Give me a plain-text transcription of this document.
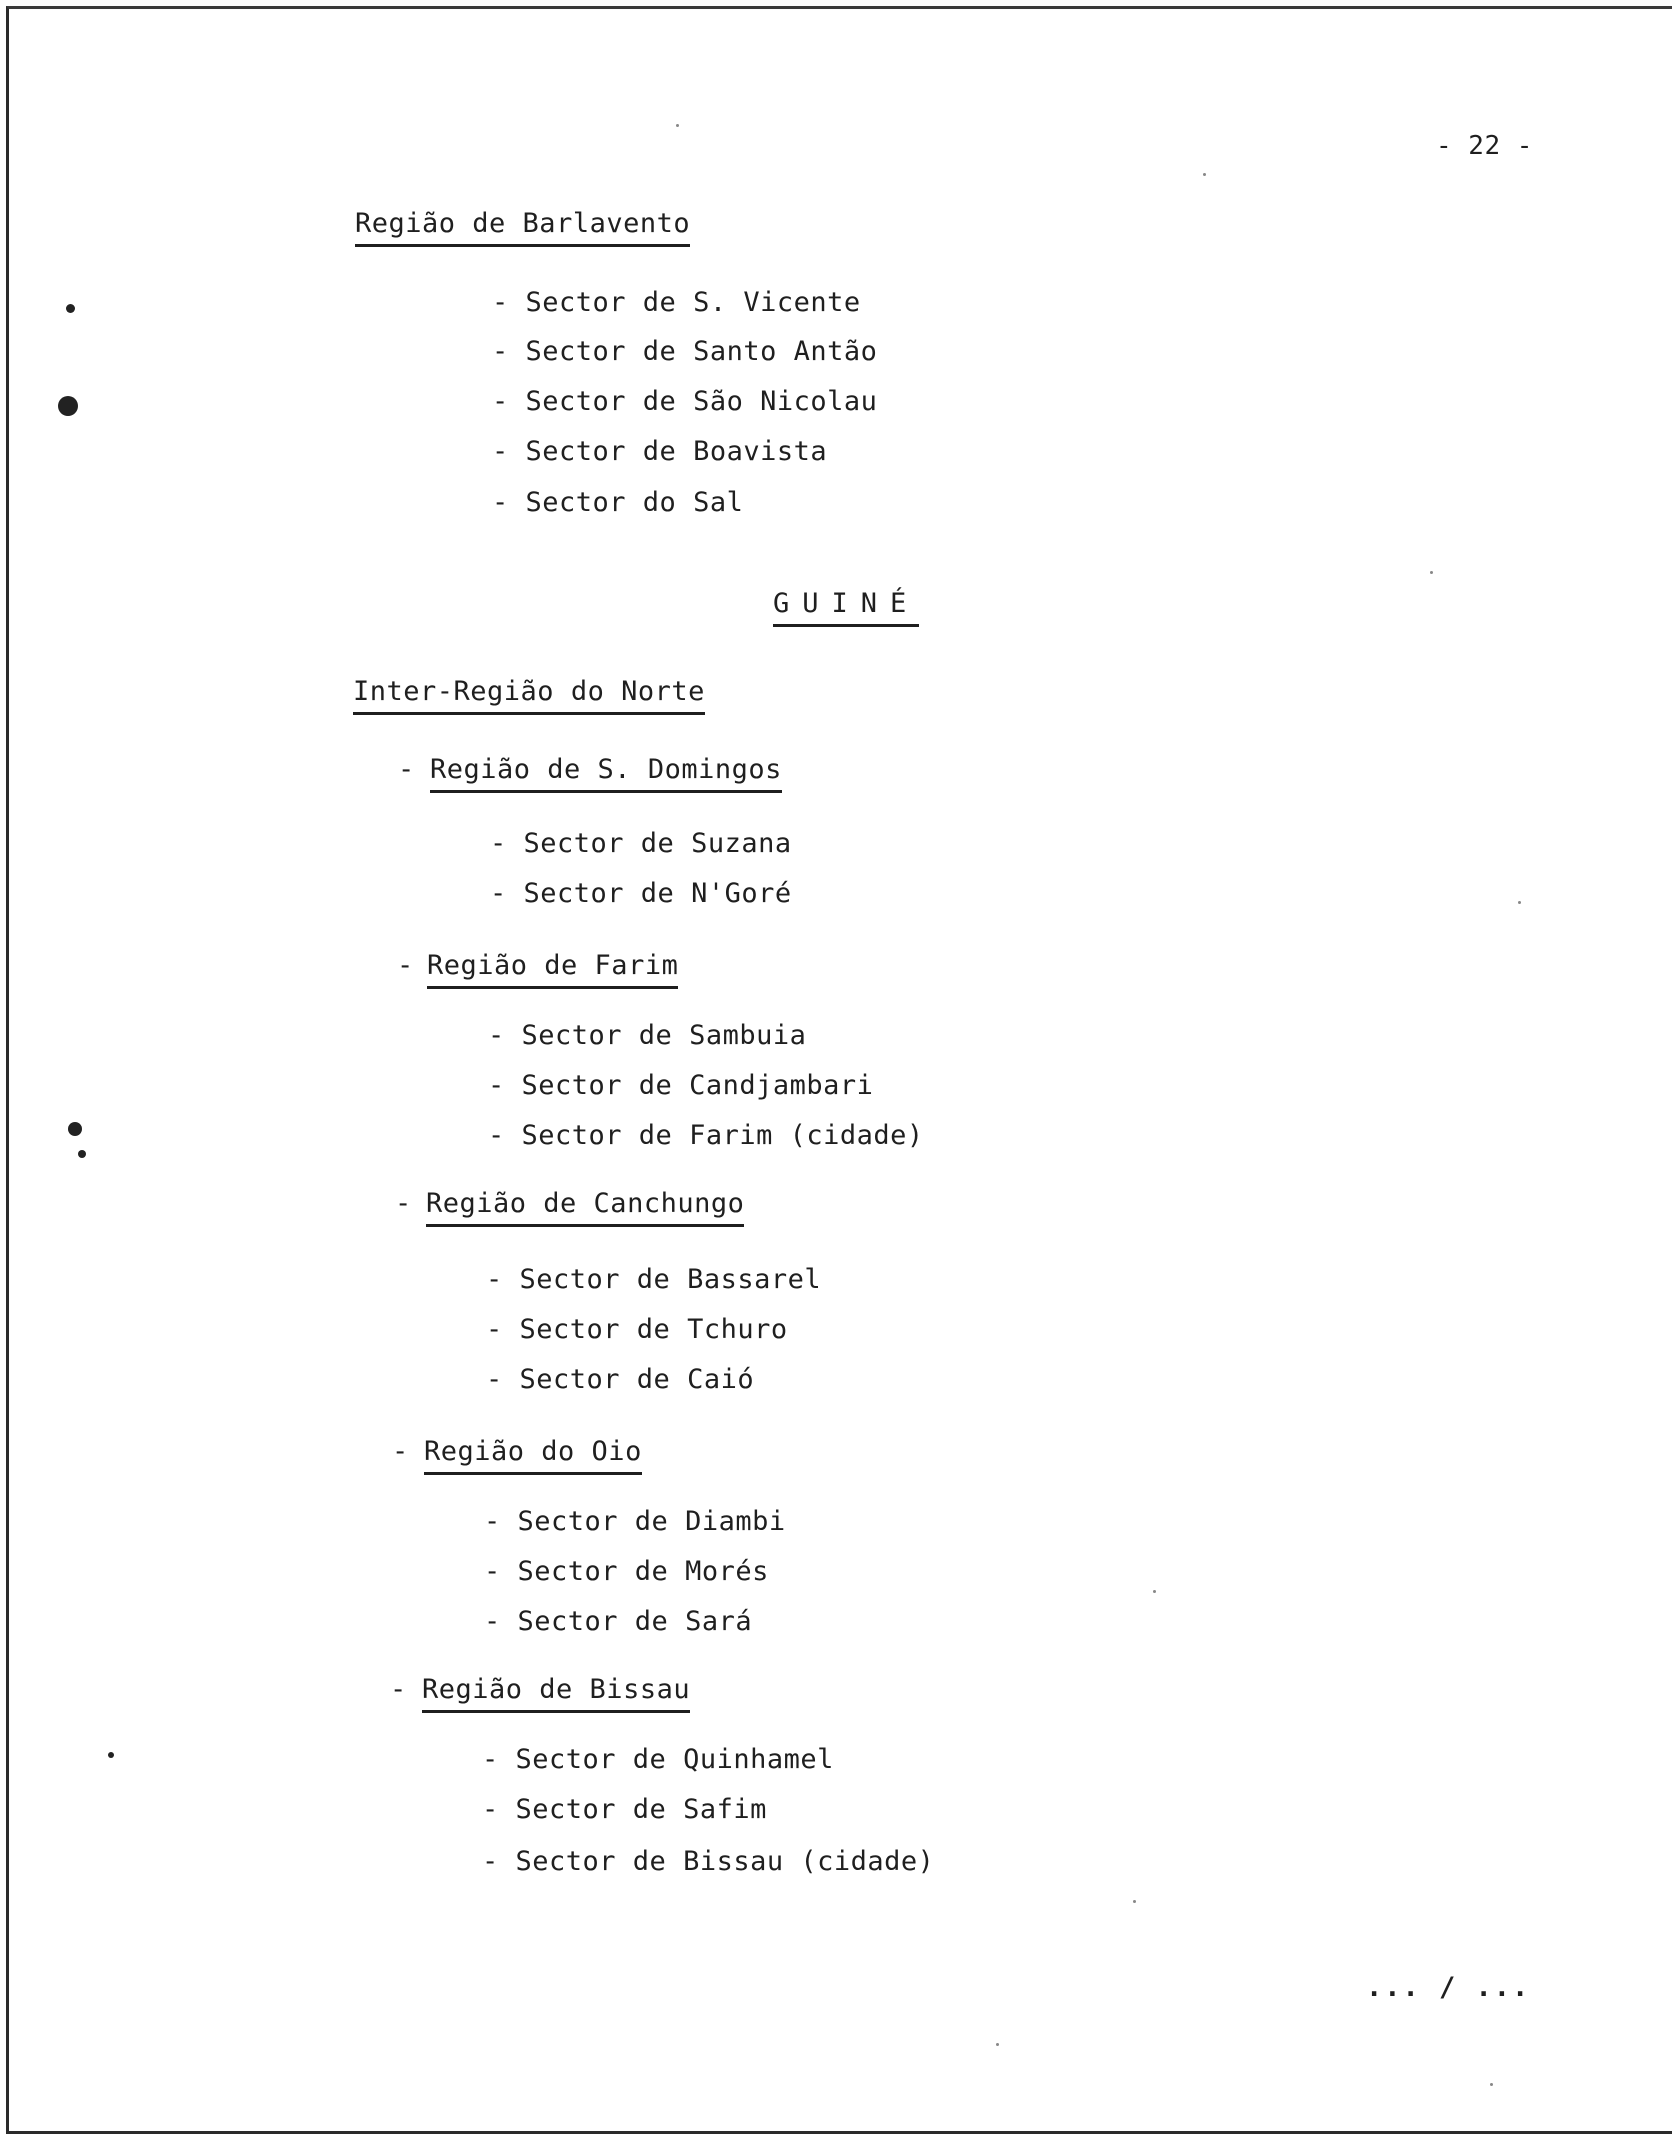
- 22 -
Região de Barlavento
- Sector de S. Vicente
- Sector de Santo Antão
- Sector de São Nicolau
- Sector de Boavista
- Sector do Sal
GUINÉ
Inter-Região do Norte
- Região de S. Domingos
- Sector de Suzana
- Sector de N'Goré
- Região de Farim
- Sector de Sambuia
- Sector de Candjambari
- Sector de Farim (cidade)
- Região de Canchungo
- Sector de Bassarel
- Sector de Tchuro
- Sector de Caió
- Região do Oio
- Sector de Diambi
- Sector de Morés
- Sector de Sará
- Região de Bissau
- Sector de Quinhamel
- Sector de Safim
- Sector de Bissau (cidade)
... / ...
